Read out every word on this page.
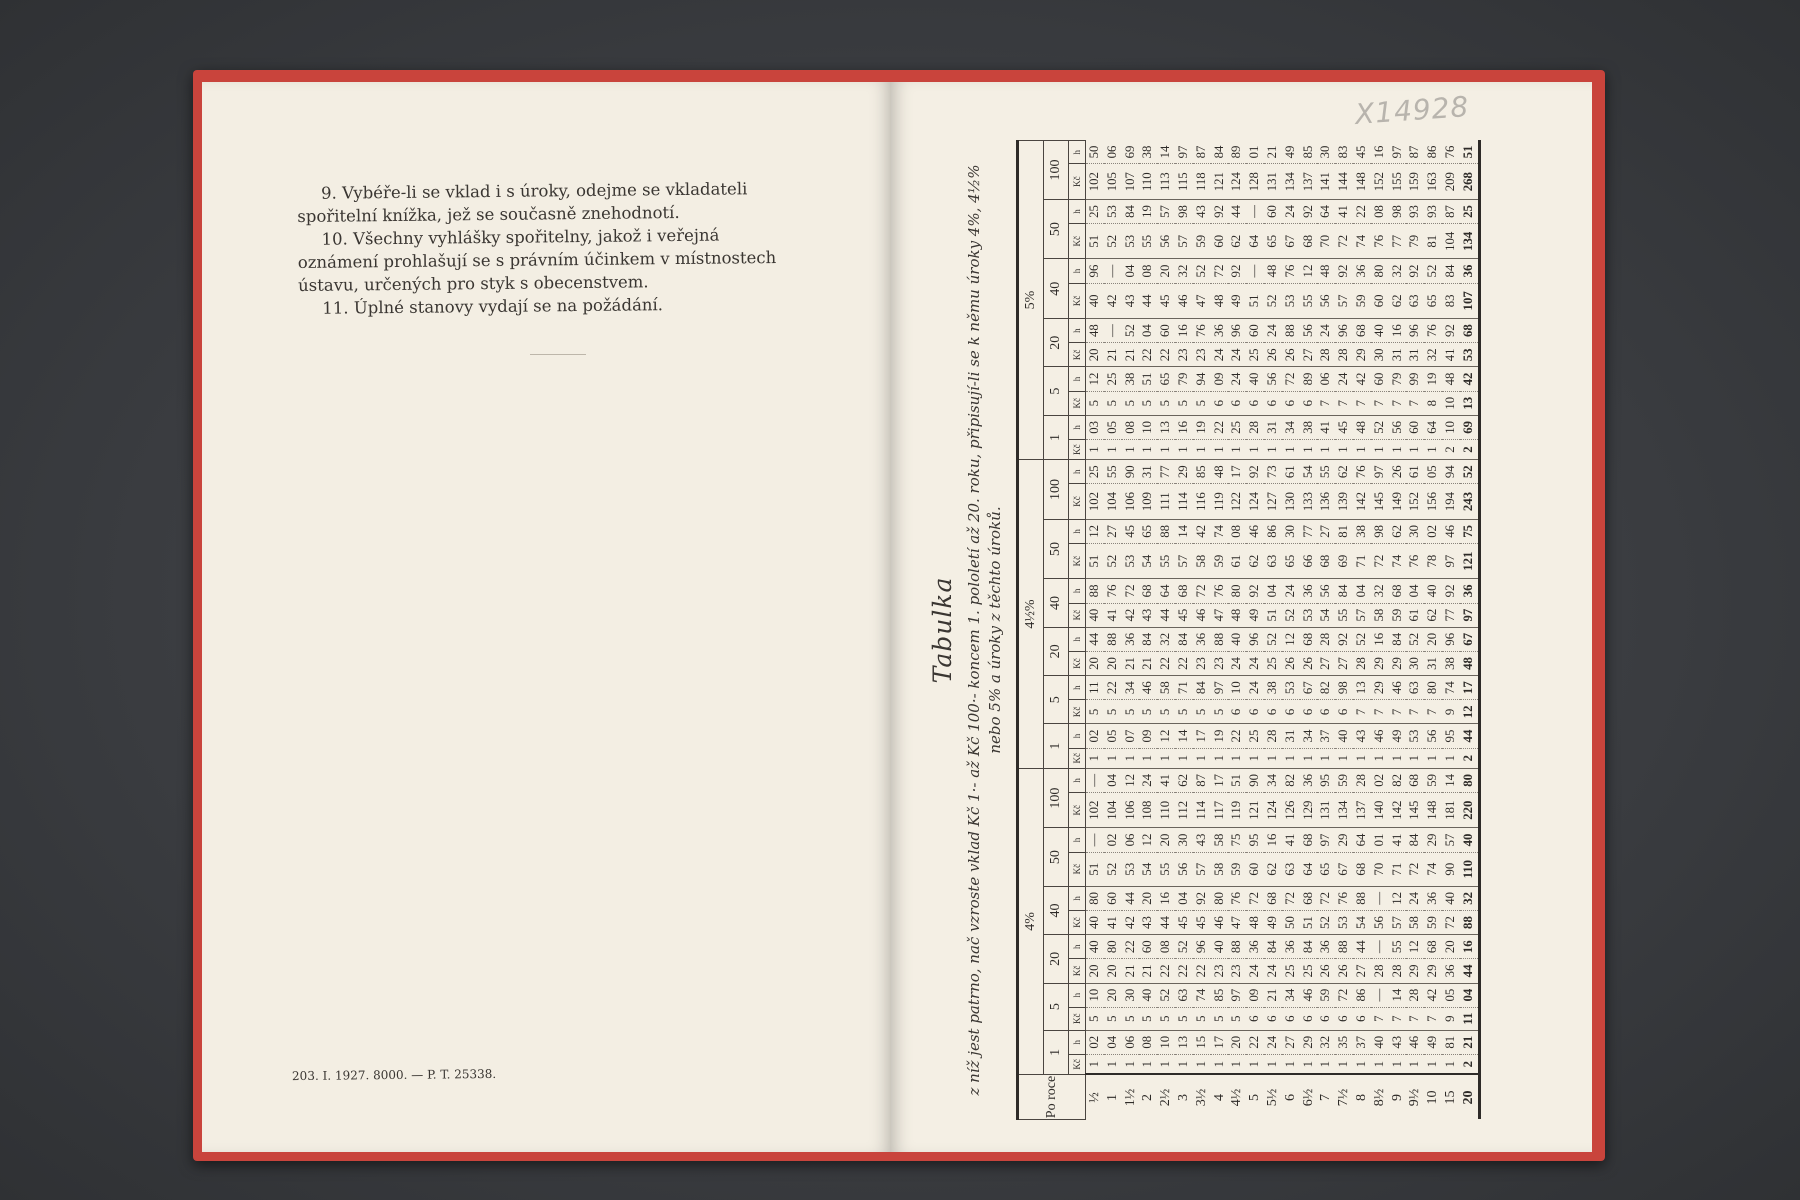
9. Vybéře-li se vklad i s úroky, odejme se vkladateli spořitelní knížka, jež se současně znehodnotí.

10. Všechny vyhlášky spořitelny, jakož i veřejná oznámení prohlašují se s právním účinkem v místnostech ústavu, určených pro styk s obecenstvem.

11. Úplné stanovy vydají se na požádání.

203. I. 1927. 8000. — P. T. 25338.
X14928
Tabulka z níž jest patrno, nač vzroste vklad Kč 1·- až Kč 100·- koncem 1. pololetí až 20. roku, připisují-li se k němu úroky 4%, 4½% nebo 5% a úroky z těchto úroků.
Po roce	4%												4½%												5%											
	1		5		20		40		50		100		1		5		20		40		50		100		1		5		20		40		50		100	
	Kč	h	Kč	h	Kč	h	Kč	h	Kč	h	Kč	h	Kč	h	Kč	h	Kč	h	Kč	h	Kč	h	Kč	h	Kč	h	Kč	h	Kč	h	Kč	h	Kč	h	Kč	h
½	1	02	5	10	20	40	40	80	51	—	102	—	1	02	5	11	20	44	40	88	51	12	102	25	1	03	5	12	20	48	40	96	51	25	102	50
1	1	04	5	20	20	80	41	60	52	02	104	04	1	05	5	22	20	88	41	76	52	27	104	55	1	05	5	25	21	—	42	—	52	53	105	06
1½	1	06	5	30	21	22	42	44	53	06	106	12	1	07	5	34	21	36	42	72	53	45	106	90	1	08	5	38	21	52	43	04	53	84	107	69
2	1	08	5	40	21	60	43	20	54	12	108	24	1	09	5	46	21	84	43	68	54	65	109	31	1	10	5	51	22	04	44	08	55	19	110	38
2½	1	10	5	52	22	08	44	16	55	20	110	41	1	12	5	58	22	32	44	64	55	88	111	77	1	13	5	65	22	60	45	20	56	57	113	14
3	1	13	5	63	22	52	45	04	56	30	112	62	1	14	5	71	22	84	45	68	57	14	114	29	1	16	5	79	23	16	46	32	57	98	115	97
3½	1	15	5	74	22	96	45	92	57	43	114	87	1	17	5	84	23	36	46	72	58	42	116	85	1	19	5	94	23	76	47	52	59	43	118	87
4	1	17	5	85	23	40	46	80	58	58	117	17	1	19	5	97	23	88	47	76	59	74	119	48	1	22	6	09	24	36	48	72	60	92	121	84
4½	1	20	5	97	23	88	47	76	59	75	119	51	1	22	6	10	24	40	48	80	61	08	122	17	1	25	6	24	24	96	49	92	62	44	124	89
5	1	22	6	09	24	36	48	72	60	95	121	90	1	25	6	24	24	96	49	92	62	46	124	92	1	28	6	40	25	60	51	—	64	—	128	01
5½	1	24	6	21	24	84	49	68	62	16	124	34	1	28	6	38	25	52	51	04	63	86	127	73	1	31	6	56	26	24	52	48	65	60	131	21
6	1	27	6	34	25	36	50	72	63	41	126	82	1	31	6	53	26	12	52	24	65	30	130	61	1	34	6	72	26	88	53	76	67	24	134	49
6½	1	29	6	46	25	84	51	68	64	68	129	36	1	34	6	67	26	68	53	36	66	77	133	54	1	38	6	89	27	56	55	12	68	92	137	85
7	1	32	6	59	26	36	52	72	65	97	131	95	1	37	6	82	27	28	54	56	68	27	136	55	1	41	7	06	28	24	56	48	70	64	141	30
7½	1	35	6	72	26	88	53	76	67	29	134	59	1	40	6	98	27	92	55	84	69	81	139	62	1	45	7	24	28	96	57	92	72	41	144	83
8	1	37	6	86	27	44	54	88	68	64	137	28	1	43	7	13	28	52	57	04	71	38	142	76	1	48	7	42	29	68	59	36	74	22	148	45
8½	1	40	7	—	28	—	56	—	70	01	140	02	1	46	7	29	29	16	58	32	72	98	145	97	1	52	7	60	30	40	60	80	76	08	152	16
9	1	43	7	14	28	55	57	12	71	41	142	82	1	49	7	46	29	84	59	68	74	62	149	26	1	56	7	79	31	16	62	32	77	98	155	97
9½	1	46	7	28	29	12	58	24	72	84	145	68	1	53	7	63	30	52	61	04	76	30	152	61	1	60	7	99	31	96	63	92	79	93	159	87
10	1	49	7	42	29	68	59	36	74	29	148	59	1	56	7	80	31	20	62	40	78	02	156	05	1	64	8	19	32	76	65	52	81	93	163	86
15	1	81	9	05	36	20	72	40	90	57	181	14	1	95	9	74	38	96	77	92	97	46	194	94	2	10	10	48	41	92	83	84	104	87	209	76
20	2	21	11	04	44	16	88	32	110	40	220	80	2	44	12	17	48	67	97	36	121	75	243	52	2	69	13	42	53	68	107	36	134	25	268	51
